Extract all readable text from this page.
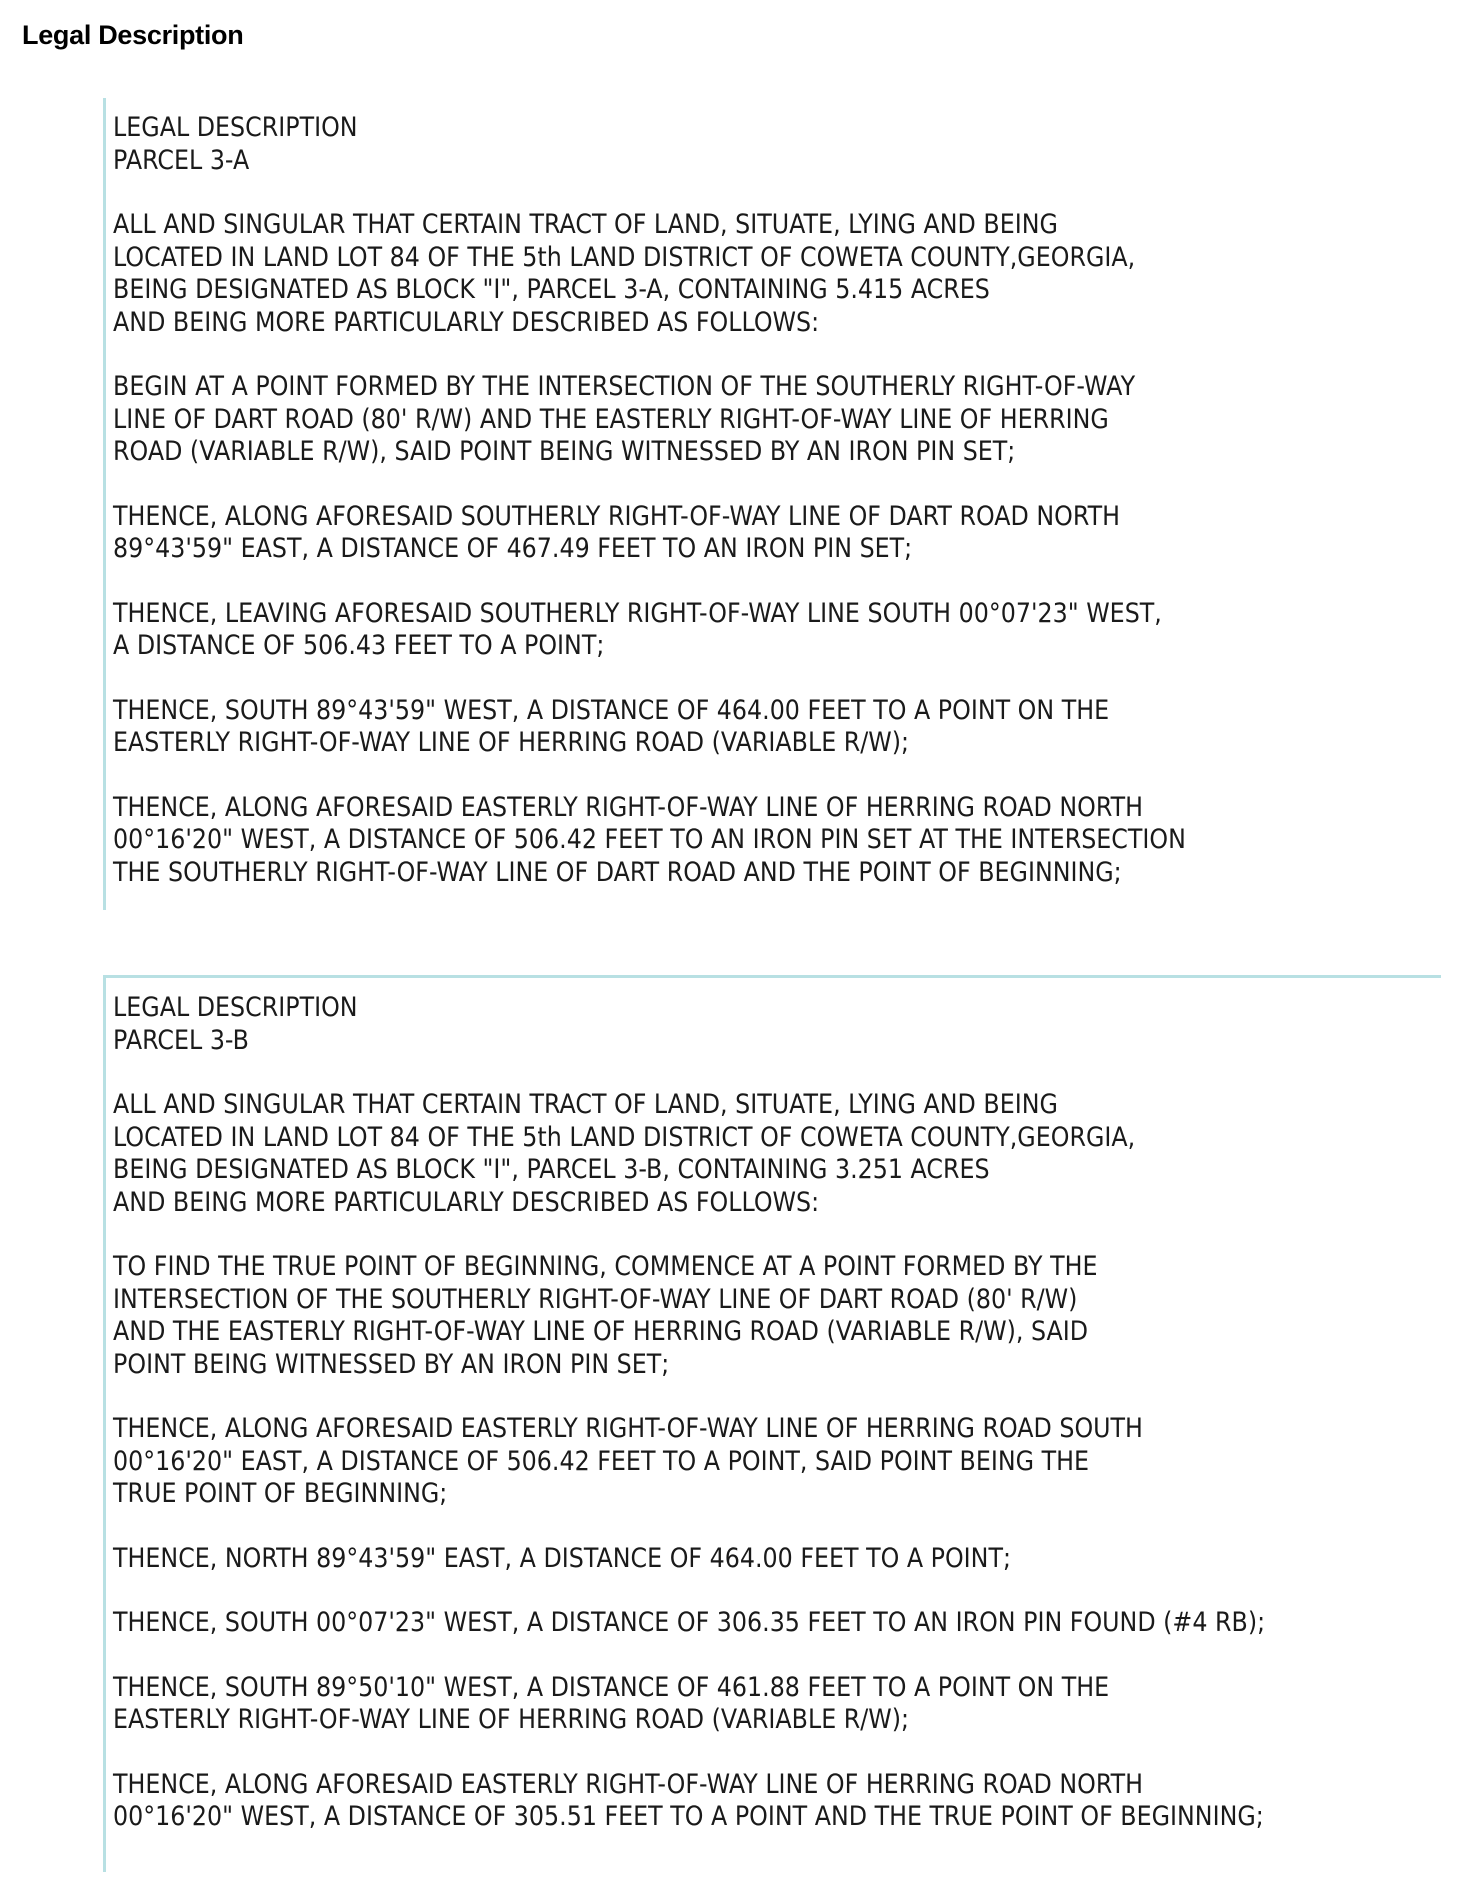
Legal Description
LEGAL DESCRIPTION
PARCEL 3-A
ALL AND SINGULAR THAT CERTAIN TRACT OF LAND, SITUATE, LYING AND BEING
LOCATED IN LAND LOT 84 OF THE 5th LAND DISTRICT OF COWETA COUNTY,GEORGIA,
BEING DESIGNATED AS BLOCK "I", PARCEL 3-A, CONTAINING 5.415 ACRES
AND BEING MORE PARTICULARLY DESCRIBED AS FOLLOWS:
BEGIN AT A POINT FORMED BY THE INTERSECTION OF THE SOUTHERLY RIGHT-OF-WAY
LINE OF DART ROAD (80' R/W) AND THE EASTERLY RIGHT-OF-WAY LINE OF HERRING
ROAD (VARIABLE R/W), SAID POINT BEING WITNESSED BY AN IRON PIN SET;
THENCE, ALONG AFORESAID SOUTHERLY RIGHT-OF-WAY LINE OF DART ROAD NORTH
89°43'59" EAST, A DISTANCE OF 467.49 FEET TO AN IRON PIN SET;
THENCE, LEAVING AFORESAID SOUTHERLY RIGHT-OF-WAY LINE SOUTH 00°07'23" WEST,
A DISTANCE OF 506.43 FEET TO A POINT;
THENCE, SOUTH 89°43'59" WEST, A DISTANCE OF 464.00 FEET TO A POINT ON THE
EASTERLY RIGHT-OF-WAY LINE OF HERRING ROAD (VARIABLE R/W);
THENCE, ALONG AFORESAID EASTERLY RIGHT-OF-WAY LINE OF HERRING ROAD NORTH
00°16'20" WEST, A DISTANCE OF 506.42 FEET TO AN IRON PIN SET AT THE INTERSECTION
THE SOUTHERLY RIGHT-OF-WAY LINE OF DART ROAD AND THE POINT OF BEGINNING;
LEGAL DESCRIPTION
PARCEL 3-B
ALL AND SINGULAR THAT CERTAIN TRACT OF LAND, SITUATE, LYING AND BEING
LOCATED IN LAND LOT 84 OF THE 5th LAND DISTRICT OF COWETA COUNTY,GEORGIA,
BEING DESIGNATED AS BLOCK "I", PARCEL 3-B, CONTAINING 3.251 ACRES
AND BEING MORE PARTICULARLY DESCRIBED AS FOLLOWS:
TO FIND THE TRUE POINT OF BEGINNING, COMMENCE AT A POINT FORMED BY THE
INTERSECTION OF THE SOUTHERLY RIGHT-OF-WAY LINE OF DART ROAD (80' R/W)
AND THE EASTERLY RIGHT-OF-WAY LINE OF HERRING ROAD (VARIABLE R/W), SAID
POINT BEING WITNESSED BY AN IRON PIN SET;
THENCE, ALONG AFORESAID EASTERLY RIGHT-OF-WAY LINE OF HERRING ROAD SOUTH
00°16'20" EAST, A DISTANCE OF 506.42 FEET TO A POINT, SAID POINT BEING THE
TRUE POINT OF BEGINNING;
THENCE, NORTH 89°43'59" EAST, A DISTANCE OF 464.00 FEET TO A POINT;
THENCE, SOUTH 00°07'23" WEST, A DISTANCE OF 306.35 FEET TO AN IRON PIN FOUND (#4 RB);
THENCE, SOUTH 89°50'10" WEST, A DISTANCE OF 461.88 FEET TO A POINT ON THE
EASTERLY RIGHT-OF-WAY LINE OF HERRING ROAD (VARIABLE R/W);
THENCE, ALONG AFORESAID EASTERLY RIGHT-OF-WAY LINE OF HERRING ROAD NORTH
00°16'20" WEST, A DISTANCE OF 305.51 FEET TO A POINT AND THE TRUE POINT OF BEGINNING;
